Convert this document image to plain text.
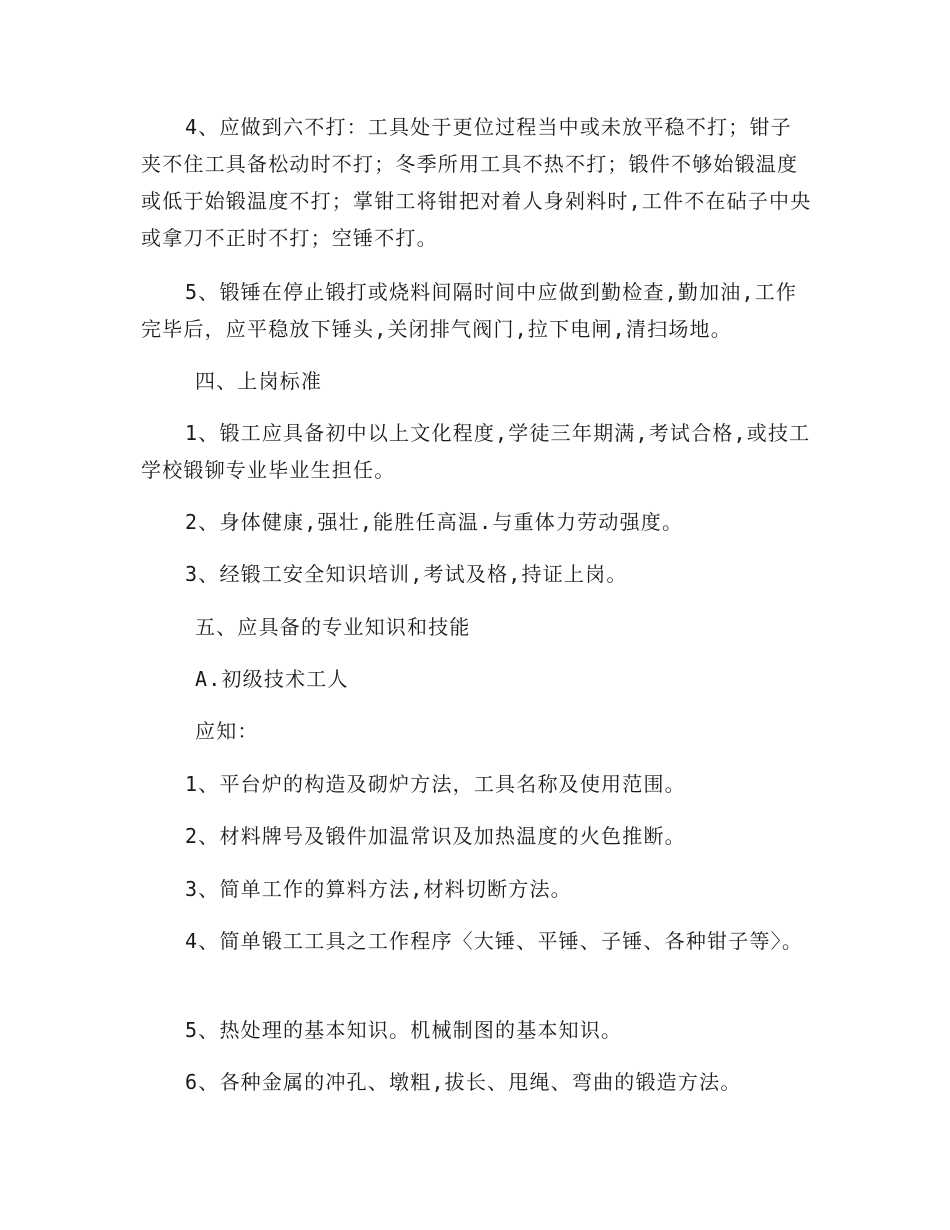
4、应做到六不打：工具处于更位过程当中或未放平稳不打；钳子夹不住工具备松动时不打；冬季所用工具不热不打；锻件不够始锻温度或低于始锻温度不打；掌钳工将钳把对着人身剁料时,工件不在砧子中央或拿刀不正时不打；空锤不打。

5、锻锤在停止锻打或烧料间隔时间中应做到勤检查,勤加油,工作完毕后，应平稳放下锤头,关闭排气阀门,拉下电闸,清扫场地。

四、上岗标准

1、锻工应具备初中以上文化程度,学徒三年期满,考试合格,或技工学校锻铆专业毕业生担任。

2、身体健康,强壮,能胜任高温.与重体力劳动强度。

3、经锻工安全知识培训,考试及格,持证上岗。

五、应具备的专业知识和技能

A.初级技术工人

应知：

1、平台炉的构造及砌炉方法，工具名称及使用范围。

2、材料牌号及锻件加温常识及加热温度的火色推断。

3、简单工作的算料方法,材料切断方法。

4、简单锻工工具之工作程序〈大锤、平锤、子锤、各种钳子等〉。

5、热处理的基本知识。机械制图的基本知识。

6、各种金属的冲孔、墩粗,拔长、甩绳、弯曲的锻造方法。
